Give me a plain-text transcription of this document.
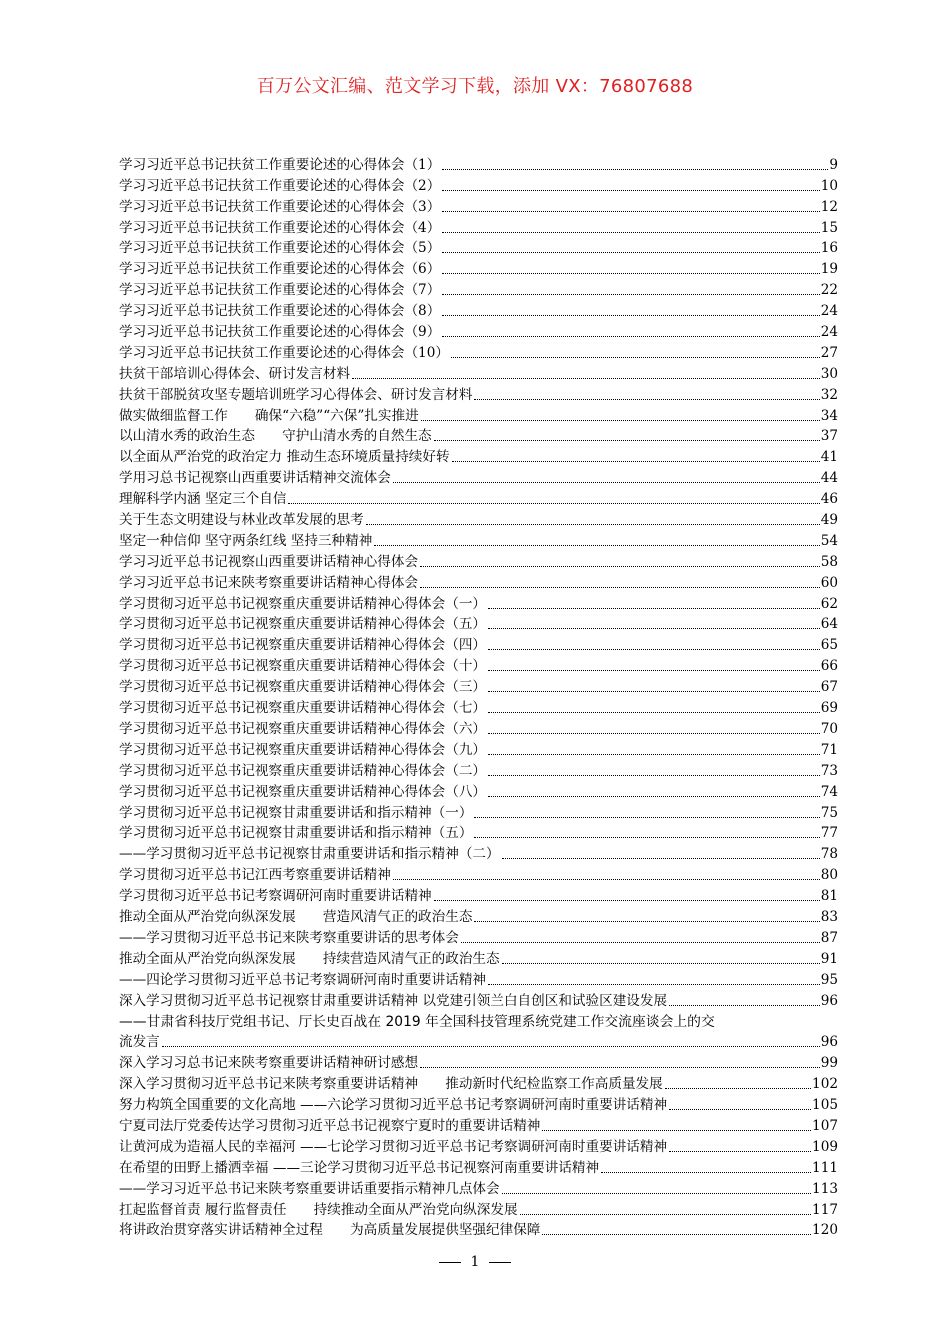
百万公文汇编、范文学习下载，添加 VX：76807688
学习习近平总书记扶贫工作重要论述的心得体会（1）	9
学习习近平总书记扶贫工作重要论述的心得体会（2）	10
学习习近平总书记扶贫工作重要论述的心得体会（3）	12
学习习近平总书记扶贫工作重要论述的心得体会（4）	15
学习习近平总书记扶贫工作重要论述的心得体会（5）	16
学习习近平总书记扶贫工作重要论述的心得体会（6）	19
学习习近平总书记扶贫工作重要论述的心得体会（7）	22
学习习近平总书记扶贫工作重要论述的心得体会（8）	24
学习习近平总书记扶贫工作重要论述的心得体会（9）	24
学习习近平总书记扶贫工作重要论述的心得体会（10）	27
扶贫干部培训心得体会、研讨发言材料	30
扶贫干部脱贫攻坚专题培训班学习心得体会、研讨发言材料	32
做实做细监督工作　　确保“六稳”“六保”扎实推进	34
以山清水秀的政治生态　　守护山清水秀的自然生态	37
以全面从严治党的政治定力 推动生态环境质量持续好转	41
学用习总书记视察山西重要讲话精神交流体会	44
理解科学内涵 坚定三个自信	46
关于生态文明建设与林业改革发展的思考	49
坚定一种信仰 坚守两条红线 坚持三种精神	54
学习习近平总书记视察山西重要讲话精神心得体会	58
学习习近平总书记来陕考察重要讲话精神心得体会	60
学习贯彻习近平总书记视察重庆重要讲话精神心得体会（一）	62
学习贯彻习近平总书记视察重庆重要讲话精神心得体会（五）	64
学习贯彻习近平总书记视察重庆重要讲话精神心得体会（四）	65
学习贯彻习近平总书记视察重庆重要讲话精神心得体会（十）	66
学习贯彻习近平总书记视察重庆重要讲话精神心得体会（三）	67
学习贯彻习近平总书记视察重庆重要讲话精神心得体会（七）	69
学习贯彻习近平总书记视察重庆重要讲话精神心得体会（六）	70
学习贯彻习近平总书记视察重庆重要讲话精神心得体会（九）	71
学习贯彻习近平总书记视察重庆重要讲话精神心得体会（二）	73
学习贯彻习近平总书记视察重庆重要讲话精神心得体会（八）	74
学习贯彻习近平总书记视察甘肃重要讲话和指示精神（一）	75
学习贯彻习近平总书记视察甘肃重要讲话和指示精神（五）	77
——学习贯彻习近平总书记视察甘肃重要讲话和指示精神（二）	78
学习贯彻习近平总书记江西考察重要讲话精神	80
学习贯彻习近平总书记考察调研河南时重要讲话精神	81
推动全面从严治党向纵深发展　　营造风清气正的政治生态	83
——学习贯彻习近平总书记来陕考察重要讲话的思考体会	87
推动全面从严治党向纵深发展　　持续营造风清气正的政治生态	91
——四论学习贯彻习近平总书记考察调研河南时重要讲话精神	95
深入学习贯彻习近平总书记视察甘肃重要讲话精神 以党建引领兰白自创区和试验区建设发展	96
——甘肃省科技厅党组书记、厅长史百战在 2019 年全国科技管理系统党建工作交流座谈会上的交
流发言	96
深入学习习总书记来陕考察重要讲话精神研讨感想	99
深入学习贯彻习近平总书记来陕考察重要讲话精神　　推动新时代纪检监察工作高质量发展	102
努力构筑全国重要的文化高地 ——六论学习贯彻习近平总书记考察调研河南时重要讲话精神	105
宁夏司法厅党委传达学习贯彻习近平总书记视察宁夏时的重要讲话精神	107
让黄河成为造福人民的幸福河 ——七论学习贯彻习近平总书记考察调研河南时重要讲话精神	109
在希望的田野上播洒幸福 ——三论学习贯彻习近平总书记视察河南重要讲话精神	111
——学习习近平总书记来陕考察重要讲话重要指示精神几点体会	113
扛起监督首责 履行监督责任　　持续推动全面从严治党向纵深发展	117
将讲政治贯穿落实讲话精神全过程　　为高质量发展提供坚强纪律保障	120
1
